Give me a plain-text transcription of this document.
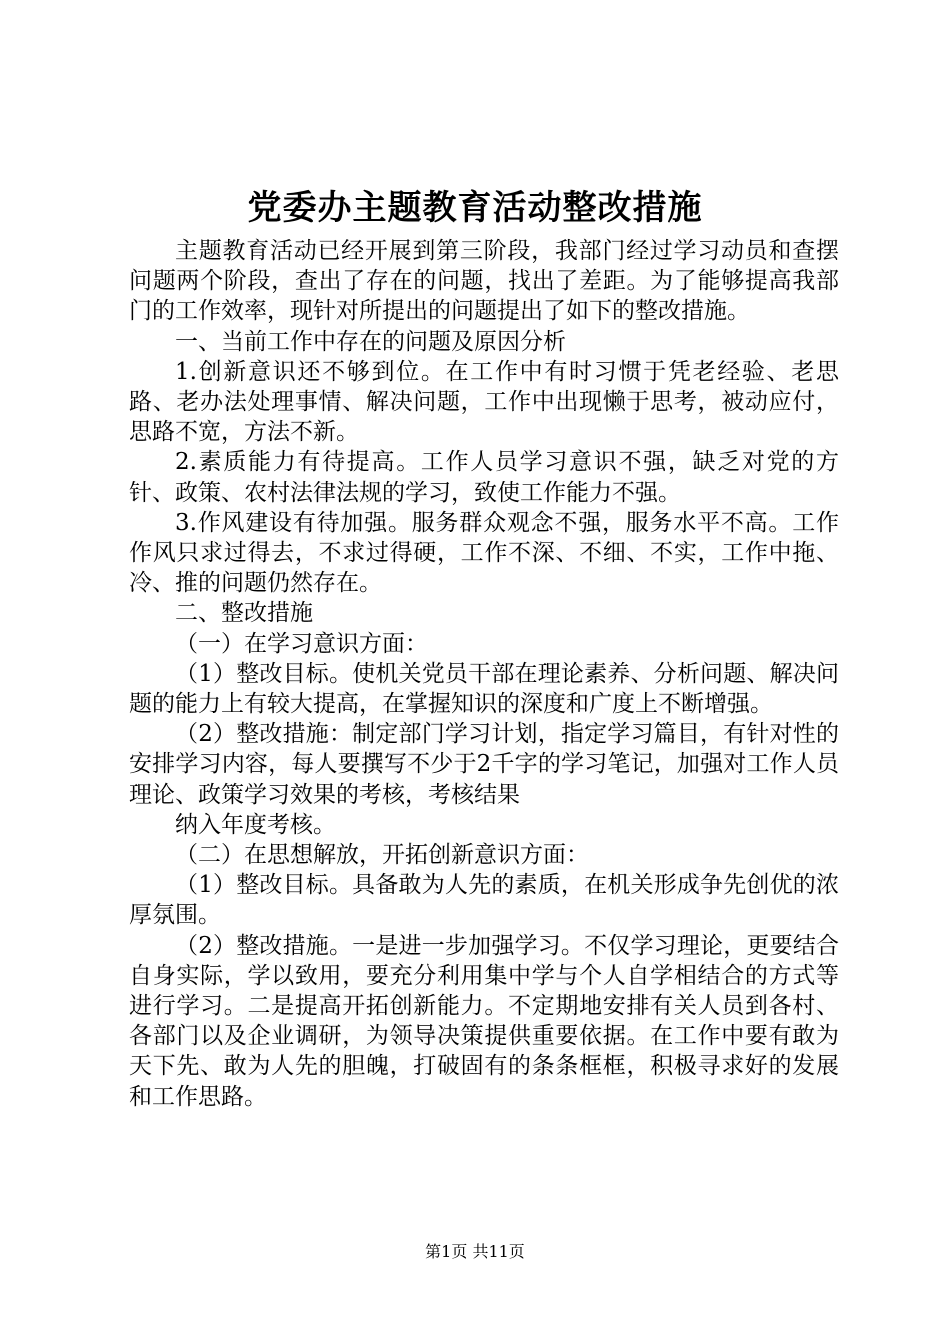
党委办主题教育活动整改措施

主题教育活动已经开展到第三阶段，我部门经过学习动员和查摆问题两个阶段，查出了存在的问题，找出了差距。为了能够提高我部门的工作效率，现针对所提出的问题提出了如下的整改措施。

一、当前工作中存在的问题及原因分析

1.创新意识还不够到位。在工作中有时习惯于凭老经验、老思路、老办法处理事情、解决问题，工作中出现懒于思考，被动应付，思路不宽，方法不新。

2.素质能力有待提高。工作人员学习意识不强，缺乏对党的方针、政策、农村法律法规的学习，致使工作能力不强。

3.作风建设有待加强。服务群众观念不强，服务水平不高。工作作风只求过得去，不求过得硬，工作不深、不细、不实，工作中拖、冷、推的问题仍然存在。

二、整改措施

（一）在学习意识方面：

（1）整改目标。使机关党员干部在理论素养、分析问题、解决问题的能力上有较大提高，在掌握知识的深度和广度上不断增强。

（2）整改措施：制定部门学习计划，指定学习篇目，有针对性的安排学习内容，每人要撰写不少于2千字的学习笔记，加强对工作人员理论、政策学习效果的考核，考核结果

纳入年度考核。

（二）在思想解放，开拓创新意识方面：

（1）整改目标。具备敢为人先的素质，在机关形成争先创优的浓厚氛围。

（2）整改措施。一是进一步加强学习。不仅学习理论，更要结合自身实际，学以致用，要充分利用集中学与个人自学相结合的方式等进行学习。二是提高开拓创新能力。不定期地安排有关人员到各村、各部门以及企业调研，为领导决策提供重要依据。在工作中要有敢为天下先、敢为人先的胆魄，打破固有的条条框框，积极寻求好的发展和工作思路。

第1页 共11页
